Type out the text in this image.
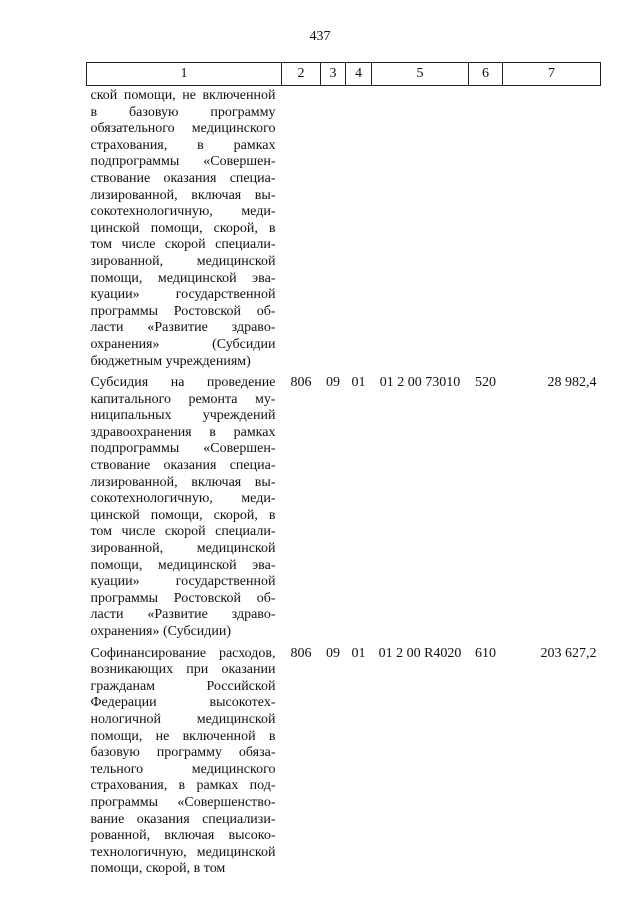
437
1	2	3	4	5	6	7
ской помощи, не включенной в базовую программу обязательного медицинского страхования, в рамках подпрограммы «Совершенствование оказания специализированной, включая высокотехнологичную, медицинской помощи, скорой, в том числе скорой специализированной, медицинской помощи, медицинской эвакуации» государственной программы Ростовской области «Развитие здравоохранения» (Субсидии бюджетным учреждениям)						
Субсидия на проведение капитального ремонта муниципальных учреждений здравоохранения в рамках подпрограммы «Совершенствование оказания специализированной, включая высокотехнологичную, медицинской помощи, скорой, в том числе скорой специализированной, медицинской помощи, медицинской эвакуации» государственной программы Ростовской области «Развитие здравоохранения» (Субсидии)	806	09	01	01 2 00 73010	520	28 982,4
Софинансирование расходов, возникающих при оказании гражданам Российской Федерации высокотехнологичной медицинской помощи, не включенной в базовую программу обязательного медицинского страхования, в рамках подпрограммы «Совершенствование оказания специализированной, включая высокотехнологичную, медицинской помощи, скорой, в том	806	09	01	01 2 00 R4020	610	203 627,2
